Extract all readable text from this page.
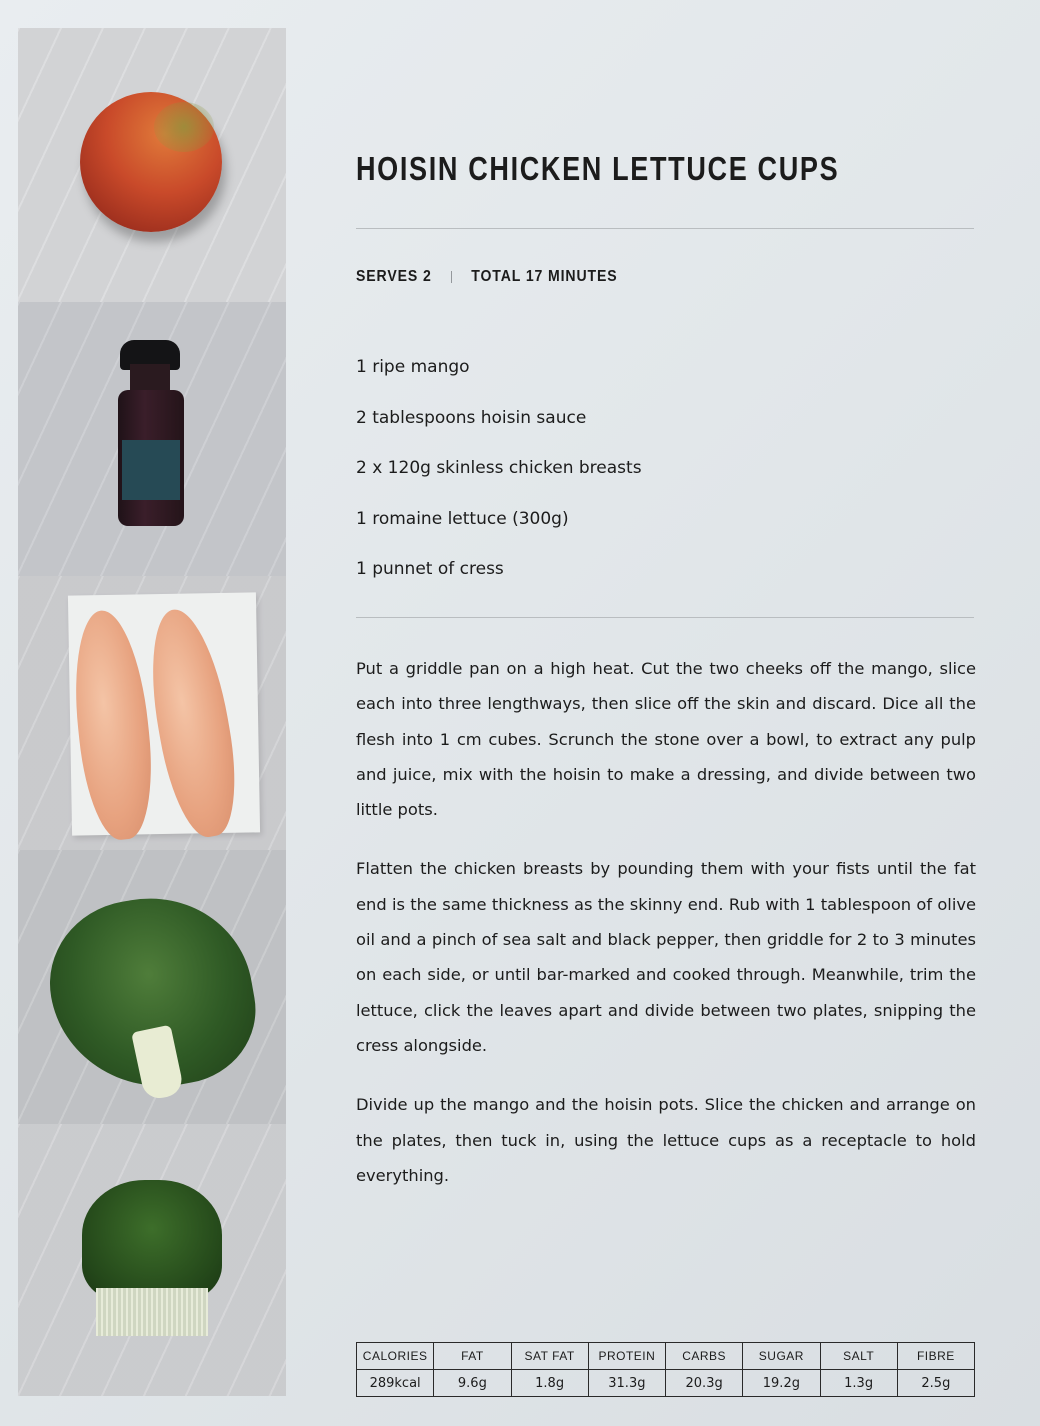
HOISIN CHICKEN LETTUCE CUPS
SERVES 2 TOTAL 17 MINUTES
1 ripe mango
2 tablespoons hoisin sauce
2 x 120g skinless chicken breasts
1 romaine lettuce (300g)
1 punnet of cress

Put a griddle pan on a high heat. Cut the two cheeks off the mango, slice each into three lengthways, then slice off the skin and discard. Dice all the flesh into 1 cm cubes. Scrunch the stone over a bowl, to extract any pulp and juice, mix with the hoisin to make a dressing, and divide between two little pots.

Flatten the chicken breasts by pounding them with your fists until the fat end is the same thickness as the skinny end. Rub with 1 tablespoon of olive oil and a pinch of sea salt and black pepper, then griddle for 2 to 3 minutes on each side, or until bar-marked and cooked through. Meanwhile, trim the lettuce, click the leaves apart and divide between two plates, snipping the cress alongside.

Divide up the mango and the hoisin pots. Slice the chicken and arrange on the plates, then tuck in, using the lettuce cups as a receptacle to hold everything.

CALORIES	FAT	SAT FAT	PROTEIN	CARBS	SUGAR	SALT	FIBRE
289kcal	9.6g	1.8g	31.3g	20.3g	19.2g	1.3g	2.5g
